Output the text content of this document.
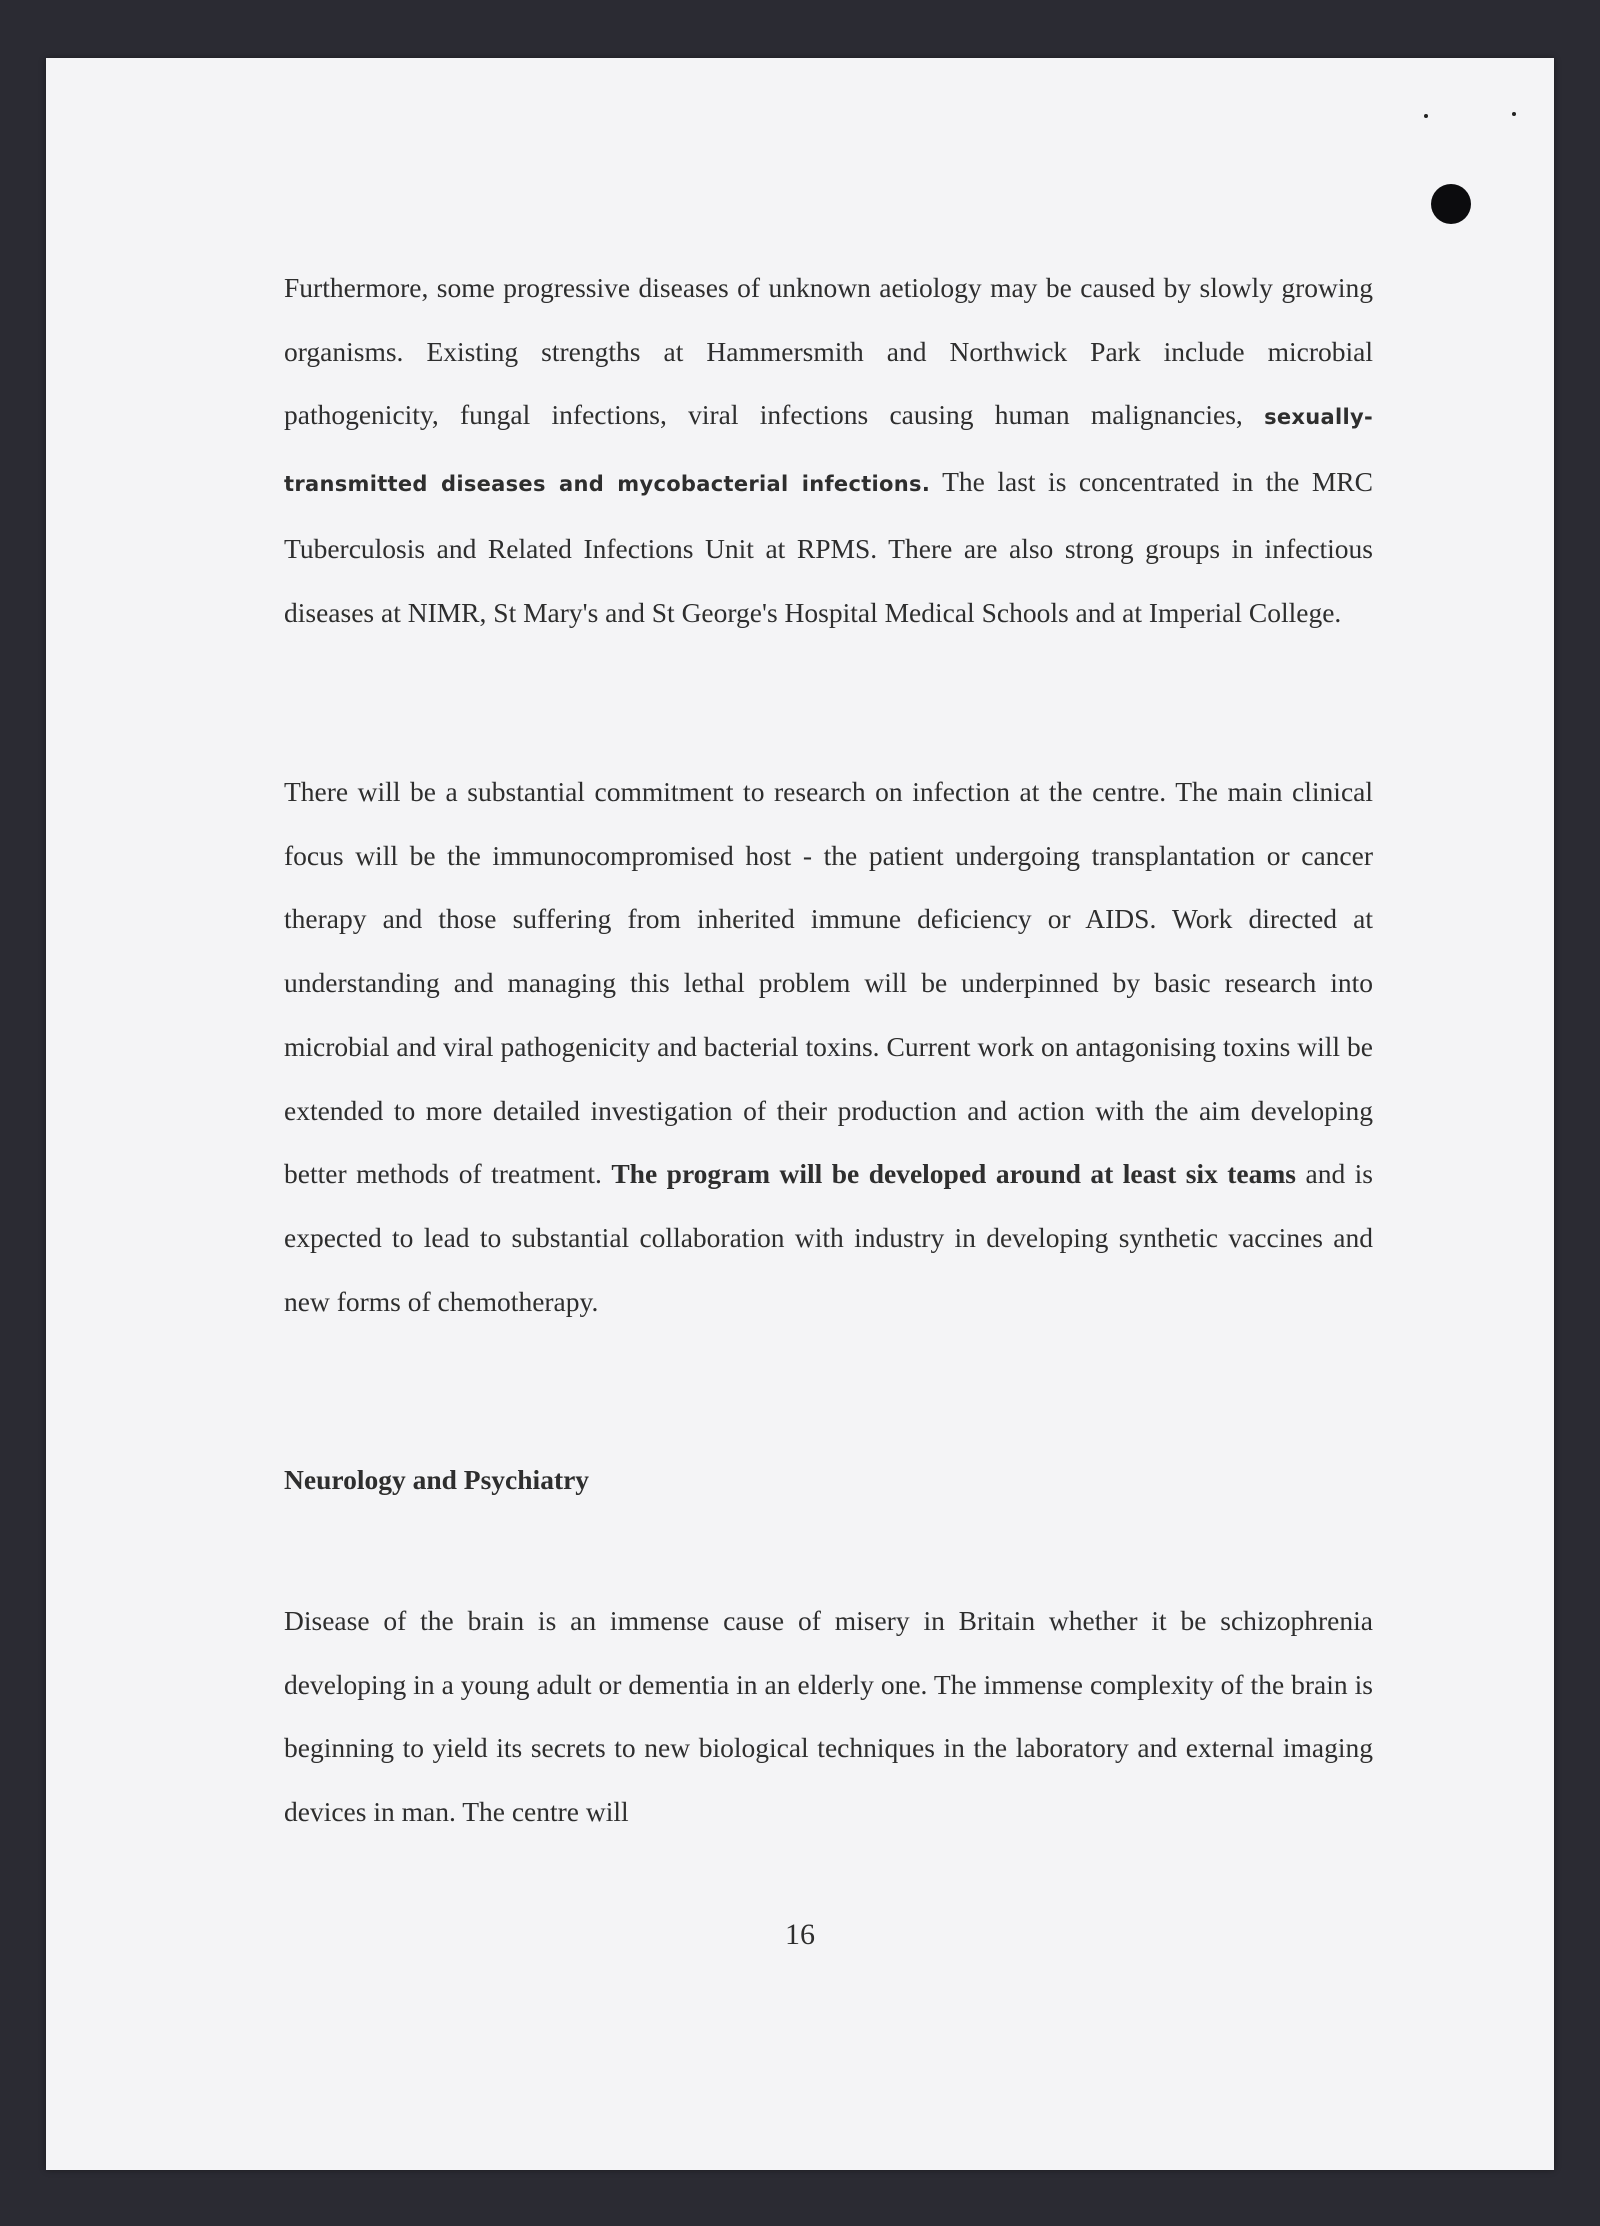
Furthermore, some progressive diseases of unknown aetiology may be caused by slowly growing organisms. Existing strengths at Hammersmith and Northwick Park include microbial pathogenicity, fungal infections, viral infections causing human malignancies, sexually-transmitted diseases and mycobacterial infections. The last is concentrated in the MRC Tuberculosis and Related Infections Unit at RPMS. There are also strong groups in infectious diseases at NIMR, St Mary's and St George's Hospital Medical Schools and at Imperial College.

There will be a substantial commitment to research on infection at the centre. The main clinical focus will be the immunocompromised host - the patient undergoing transplantation or cancer therapy and those suffering from inherited immune deficiency or AIDS. Work directed at understanding and managing this lethal problem will be underpinned by basic research into microbial and viral pathogenicity and bacterial toxins. Current work on antagonising toxins will be extended to more detailed investigation of their production and action with the aim developing better methods of treatment. The program will be developed around at least six teams and is expected to lead to substantial collaboration with industry in developing synthetic vaccines and new forms of chemotherapy.

Neurology and Psychiatry

Disease of the brain is an immense cause of misery in Britain whether it be schizophrenia developing in a young adult or dementia in an elderly one. The immense complexity of the brain is beginning to yield its secrets to new biological techniques in the laboratory and external imaging devices in man. The centre will

16
